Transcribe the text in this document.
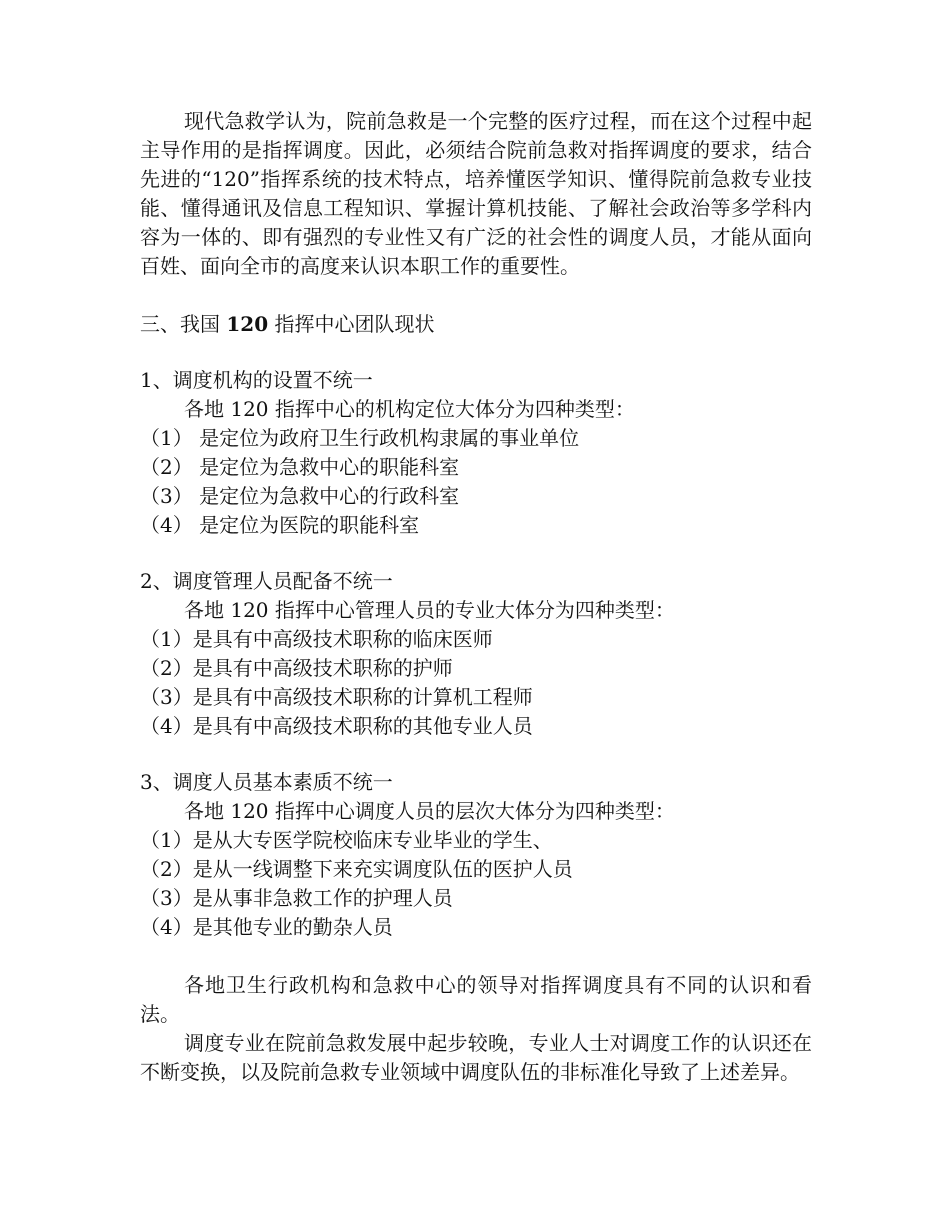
现代急救学认为，院前急救是一个完整的医疗过程，而在这个过程中起主导作用的是指挥调度。因此，必须结合院前急救对指挥调度的要求，结合先进的“120”指挥系统的技术特点，培养懂医学知识、懂得院前急救专业技能、懂得通讯及信息工程知识、掌握计算机技能、了解社会政治等多学科内容为一体的、即有强烈的专业性又有广泛的社会性的调度人员，才能从面向百姓、面向全市的高度来认识本职工作的重要性。

三、我国 120 指挥中心团队现状

1、调度机构的设置不统一

各地 120 指挥中心的机构定位大体分为四种类型：

（1） 是定位为政府卫生行政机构隶属的事业单位

（2） 是定位为急救中心的职能科室

（3） 是定位为急救中心的行政科室

（4） 是定位为医院的职能科室

2、调度管理人员配备不统一

各地 120 指挥中心管理人员的专业大体分为四种类型：

（1）是具有中高级技术职称的临床医师

（2）是具有中高级技术职称的护师

（3）是具有中高级技术职称的计算机工程师

（4）是具有中高级技术职称的其他专业人员

3、调度人员基本素质不统一

各地 120 指挥中心调度人员的层次大体分为四种类型：

（1）是从大专医学院校临床专业毕业的学生、

（2）是从一线调整下来充实调度队伍的医护人员

（3）是从事非急救工作的护理人员

（4）是其他专业的勤杂人员

各地卫生行政机构和急救中心的领导对指挥调度具有不同的认识和看法。

调度专业在院前急救发展中起步较晚，专业人士对调度工作的认识还在不断变换，以及院前急救专业领域中调度队伍的非标准化导致了上述差异。
